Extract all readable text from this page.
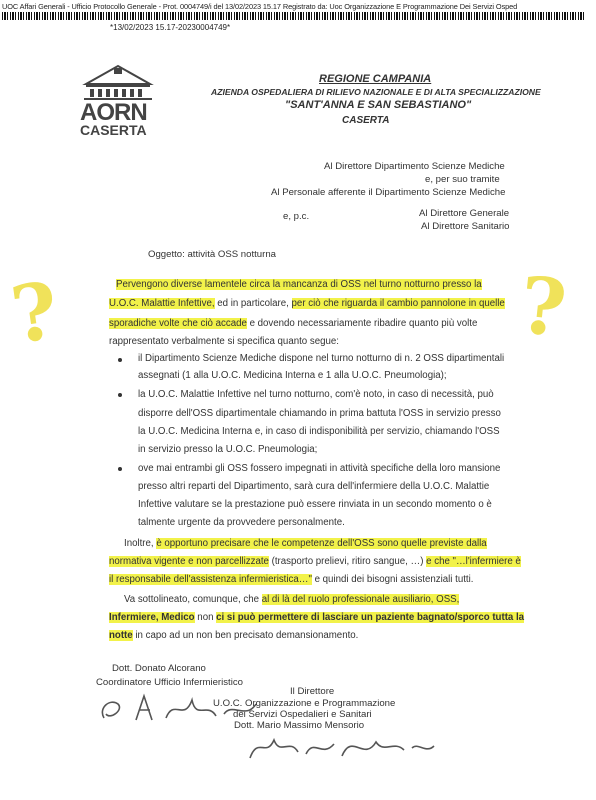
UOC Affari Generali - Ufficio Protocollo Generale - Prot. 0004749/i del 13/02/2023 15.17 Registrato da: Uoc Organizzazione E Programmazione Dei Servizi Osped
*13/02/2023 15.17-20230004749*
AORN
CASERTA
REGIONE CAMPANIA
AZIENDA OSPEDALIERA DI RILIEVO NAZIONALE E DI ALTA SPECIALIZZAZIONE
"SANT'ANNA E SAN SEBASTIANO"
CASERTA
Al Direttore Dipartimento Scienze Mediche
e, per suo tramite
Al Personale afferente il Dipartimento Scienze Mediche
e, p.c.	Al Direttore Generale
Al Direttore Sanitario
Oggetto: attività OSS notturna
?	?
Pervengono diverse lamentele circa la mancanza di OSS nel turno notturno presso la
U.O.C. Malattie Infettive, ed in particolare, per ciò che riguarda il cambio pannolone in quelle
sporadiche volte che ciò accade e dovendo necessariamente ribadire quanto più volte
rappresentato verbalmente si specifica quanto segue:
il Dipartimento Scienze Mediche dispone nel turno notturno di n. 2 OSS dipartimentali
assegnati (1 alla U.O.C. Medicina Interna e 1 alla U.O.C. Pneumologia);
la U.O.C. Malattie Infettive nel turno notturno, com'è noto, in caso di necessità, può
disporre dell'OSS dipartimentale chiamando in prima battuta l'OSS in servizio presso
la U.O.C. Medicina Interna e, in caso di indisponibilità per servizio, chiamando l'OSS
in servizio presso la U.O.C. Pneumologia;
ove mai entrambi gli OSS fossero impegnati in attività specifiche della loro mansione
presso altri reparti del Dipartimento, sarà cura dell'infermiere della U.O.C. Malattie
Infettive valutare se la prestazione può essere rinviata in un secondo momento o è
talmente urgente da provvedere personalmente.
Inoltre, è opportuno precisare che le competenze dell'OSS sono quelle previste dalla
normativa vigente e non parcellizzate (trasporto prelievi, ritiro sangue, …) e che "…l'infermiere è
il responsabile dell'assistenza infermieristica…" e quindi dei bisogni assistenziali tutti.
Va sottolineato, comunque, che al di là del ruolo professionale ausiliario, OSS,
Infermiere, Medico non ci si può permettere di lasciare un paziente bagnato/sporco tutta la
notte in capo ad un non ben precisato demansionamento.
Dott. Donato Alcorano
Coordinatore Ufficio Infermieristico
Il Direttore
U.O.C. Organizzazione e Programmazione
dei Servizi Ospedalieri e Sanitari
Dott. Mario Massimo Mensorio
